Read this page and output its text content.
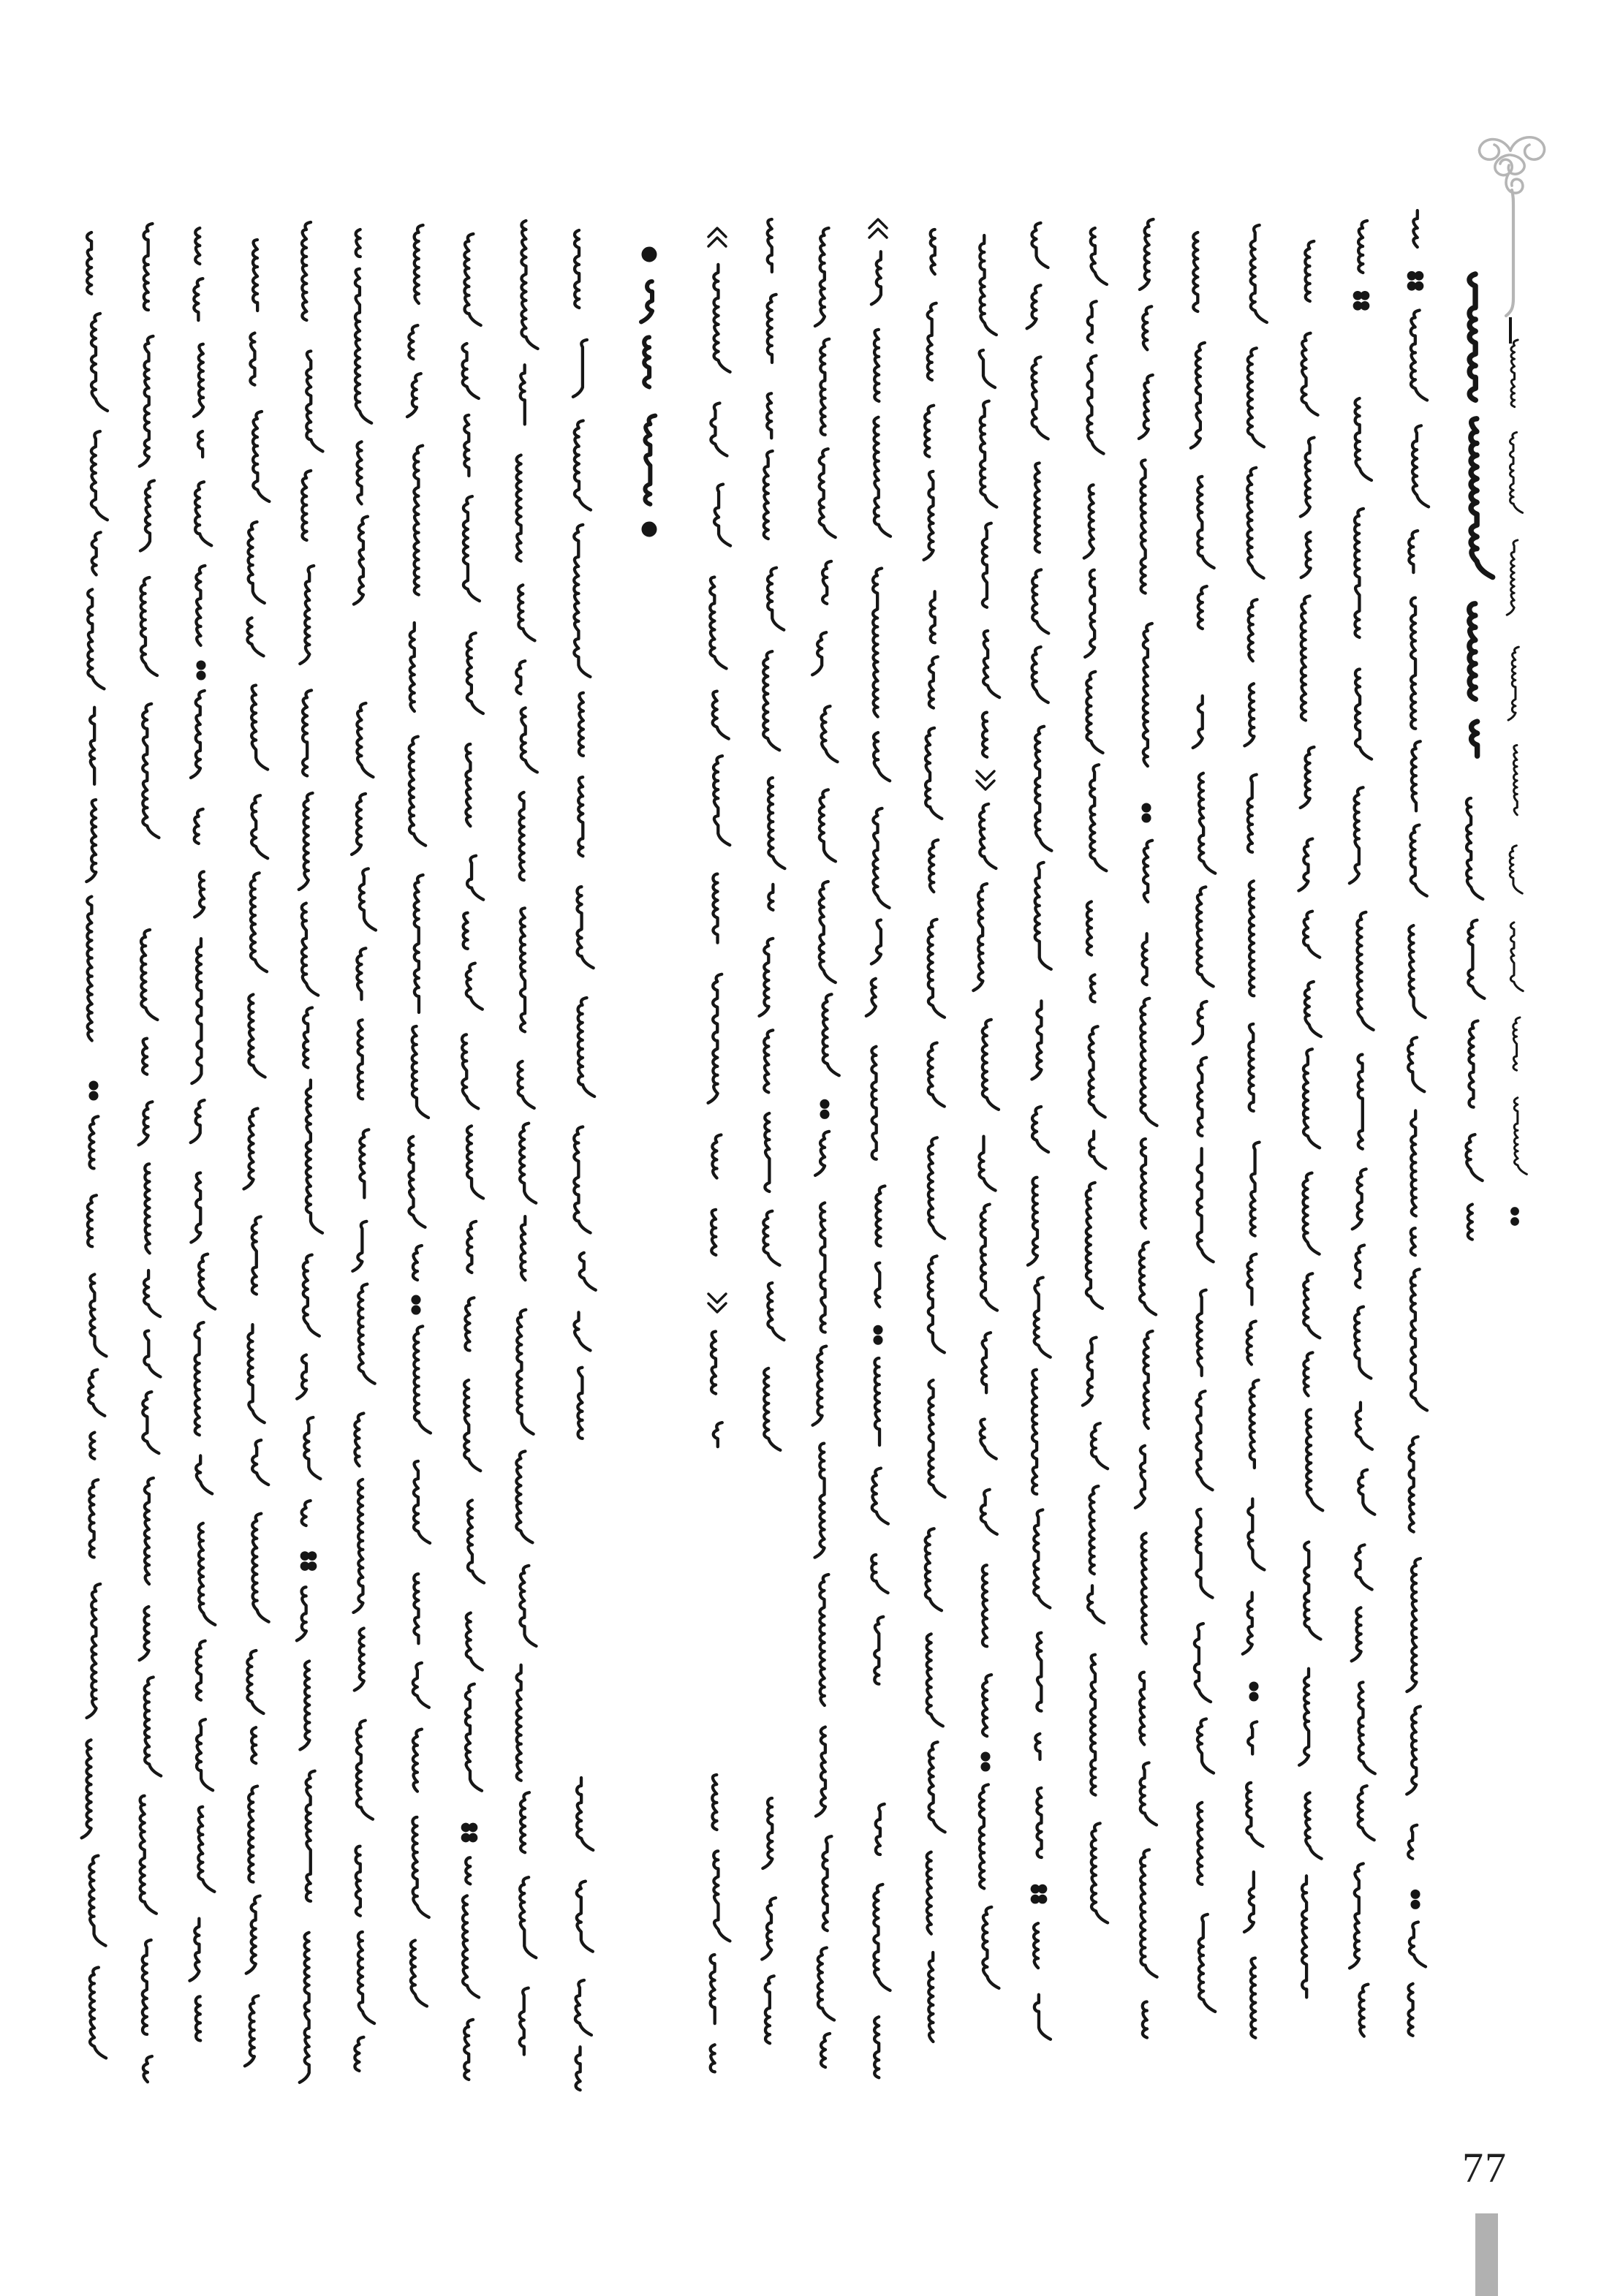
77
